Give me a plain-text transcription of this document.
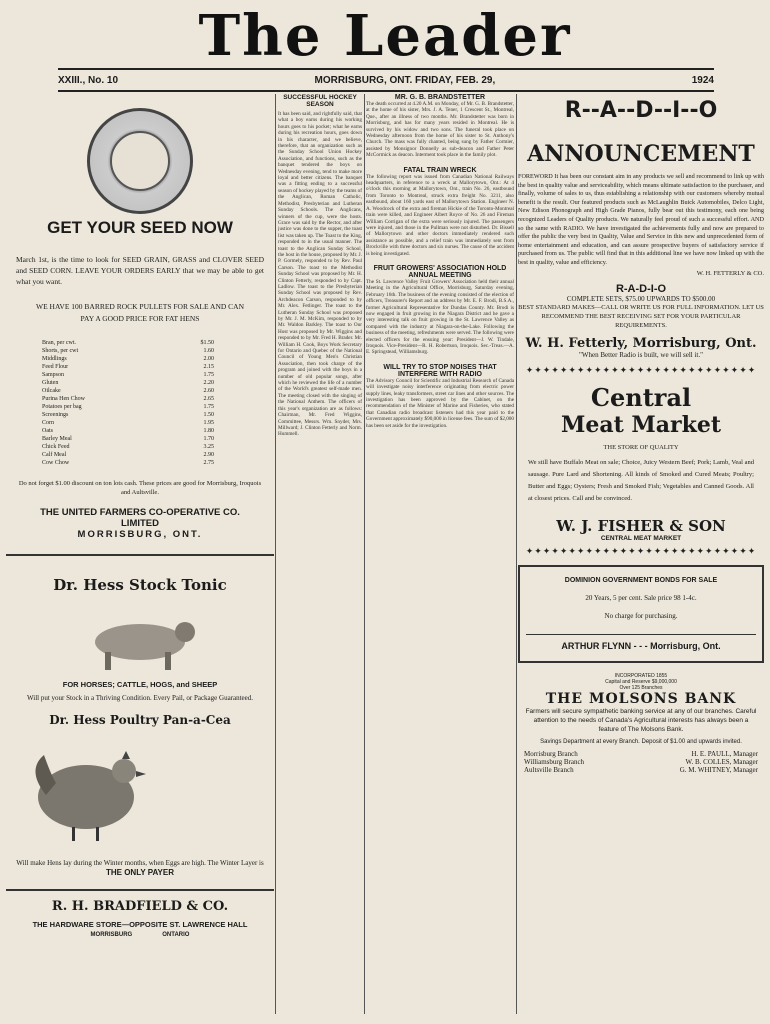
The Leader
XXIII., No. 10	MORRISBURG, ONT. FRIDAY, FEB. 29,	1924
GET YOUR SEED NOW
March 1st, is the time to look for SEED GRAIN, GRASS and CLOVER SEED and SEED CORN. LEAVE YOUR ORDERS EARLY that we may be able to get what you want.
WE HAVE 100 BARRED ROCK PULLETS FOR SALE AND CAN PAY A GOOD PRICE FOR FAT HENS
Bran, per cwt.	$1.50
Shorts, per cwt	1.60
Middlings	2.00
Feed Flour	2.15
Sampson	1.75
Gluten	2.20
Oilcake	2.60
Purina Hen Chow	2.65
Potatoes per bag	1.75
Screenings	1.50
Corn	1.95
Oats	1.80
Barley Meal	1.70
Chick Feed	3.25
Calf Meal	2.90
Cow Chow	2.75
Do not forget $1.00 discount on ton lots cash. These prices are good for Morrisburg, Iroquois and Aultsville.
THE UNITED FARMERS CO-OPERATIVE CO.
LIMITED
MORRISBURG, ONT.
Dr. Hess Stock Tonic
FOR HORSES; CATTLE, HOGS, and SHEEP
Will put your Stock in a Thriving Condition. Every Pail, or Package Guaranteed.
Dr. Hess Poultry Pan-a-Cea
Will make Hens lay during the Winter months, when Eggs are high. The Winter Layer is
THE ONLY PAYER
R. H. BRADFIELD & CO.
THE HARDWARE STORE—OPPOSITE ST. LAWRENCE HALL
MORRISBURG	ONTARIO
SUCCESSFUL HOCKEY SEASON
It has been said, and rightfully said, that what a boy earns during his working hours goes to his pocket; what he earns during his recreation hours, goes down in his character, and we believe, therefore, that an organization such as the Sunday School Union Hockey Association, and functions, such as the banquet tendered the boys on Wednesday evening, tend to make more loyal and better citizens. The banquet was a fitting ending to a successful season of hockey played by the teams of the Anglican, Roman Catholic, Methodist, Presbyterian and Lutheran Sunday Schools. The Anglicans, winners of the cup, were the hosts. Grace was said by the Rector, and after justice was done to the supper, the toast list was taken up. The Toast to the King, responded to in the usual manner. The toast to the Anglican Sunday School, the host in the house, proposed by Mr. J. P. Gormely, responded to by Rev. Paul Carson. The toast to the Methodist Sunday School was proposed by Mr. H. Clinton Fetterly, responded to by Capt. Ladlow. The toast to the Presbyterian Sunday School was proposed by Rev. Archdeacon Carson, responded to by Mr. Alex. Fetlinger. The toast to the Lutheran Sunday School was proposed by Mr. J. M. McKim, responded to by Mr. Waldon Barkley. The toast to Our Host was proposed by Mr. Wiggins and responded to by Mr. Fred H. Brader. Mr. William H. Cook, Boys Work Secretary for Ontario and Quebec of the National Council of Young Men's Christian Association, then took charge of the program and joined with the boys in a number of old popular songs, after which he reviewed the life of a number of the World's greatest self-made men. The meeting closed with the singing of the National Anthem. The officers of this year's organization are as follows: Chairman, Mr. Fred Wiggins, Committee, Messrs. Wm. Snyder, Mrs. Millward; J. Clinton Fetterly and Norm. Hummell.
MR. G. B. BRANDSTETTER
The death occurred at 4.20 A.M. on Monday, of Mr. G. B. Brandstetter, at the home of his sister, Mrs. J. A. Tener, 1 Crescent St., Montreal, Que., after an illness of two months. Mr. Brandstetter was born in Morrisburg, and has for many years resided in Montreal. He is survived by his widow and two sons. The funeral took place on Wednesday afternoon from the home of his sister to St. Anthony's Church. The mass was fully chanted, being sung by Father Cormier, assisted by Monsignor Donnelly as sub-deacon and Father Peter McCormick as deacon. Interment took place in the family plot.
FATAL TRAIN WRECK
The following report was issued from Canadian National Railways headquarters, in reference to a wreck at Mallorytown, Ont.: At 4 o'clock this morning at Mallorytown, Ont., train No. 26, eastbound from Toronto to Montreal, struck extra freight No. 3211, also eastbound, about 160 yards east of Mallorytown Station. Engineer N. A. Woodcock of the extra and fireman Hickie of the Toronto-Montreal train were killed, and Engineer Albert Royce of No. 26 and Fireman William Corrigan of the extra were seriously injured. The passengers were injured, and those in the Pullman were not disturbed. Dr. Bissell of Mallorytown and other doctors immediately rendered such assistance as possible, and a relief train was immediately sent from Brockville with three doctors and six nurses. The cause of the accident is being investigated.
FRUIT GROWERS' ASSOCIATION HOLD ANNUAL MEETING
The St. Lawrence Valley Fruit Growers' Association held their annual Meeting in the Agricultural Office, Morrisburg, Saturday evening, February 16th. The business of the evening consisted of the election of officers, Treasurer's Report and an address by Mr. E. F. Brodi, B.S.A., former Agricultural Representative for Dundas County. Mr. Brodi is now engaged in fruit growing in the Niagara District and he gave a very interesting talk on fruit growing in the St. Lawrence Valley as compared with the industry at Niagara-on-the-Lake. Following the business of the meeting, refreshments were served. The following were elected officers for the ensuing year: President—J. W. Tindale, Iroquois. Vice-President—R. H. Robertson, Iroquois. Sec.-Treas.—A. E. Springstead, Williamsburg.
WILL TRY TO STOP NOISES THAT INTERFERE WITH RADIO
The Advisory Council for Scientific and Industrial Research of Canada will investigate noisy interference originating from electric power supply lines, leaky transformers, street car lines and other sources. The investigation has been approved by the Cabinet, on the recommendation of the Minister of Marine and Fisheries, who stated that Canadian radio broadcast listeners had this year paid to the Government approximately $90,000 in license fees. The sum of $2,000 has been set aside for the investigation.
R--A--D--I--O
ANNOUNCEMENT
FOREWORD It has been our constant aim in any products we sell and recommend to link up with the best in quality value and serviceability, which means ultimate satisfaction to the purchaser, and finally, volume of sales to us, thus establishing a relationship with our customers whereby mutual benefit is the result. Our featured products such as McLaughlin Buick Automobiles, Delco Light, New Edison Phonograph and High Grade Pianos, fully bear out this testimony, each one being recognized Leaders of Quality products. We naturally feel proud of such a successful effort. AND so the same with RADIO. We have investigated the achievements fully and now are prepared to offer the public the very best in Quality, Value and Service in this new and unprecedented form of home entertainment and education, and can assure prospective buyers of satisfactory service if purchased from us. The public will find that in this additional line we have now linked up with the best in quality, value and efficiency.
W. H. FETTERLY & CO.
R-A-D-I-O
COMPLETE SETS, $75.00 UPWARDS TO $500.00
BEST STANDARD MAKES—CALL OR WRITE US FOR FULL INFORMATION. LET US RECOMMEND THE BEST RECEIVING SET FOR YOUR PARTICULAR REQUIREMENTS.
W. H. Fetterly, Morrisburg, Ont.
"When Better Radio is built, we will sell it."
✦✦✦✦✦✦✦✦✦✦✦✦✦✦✦✦✦✦✦✦✦✦✦✦✦✦✦
Central
Meat Market
THE STORE OF QUALITY
We still have Buffalo Meat on sale; Choice, Juicy Western Beef; Pork; Lamb, Veal and sausage. Pure Lard and Shortening. All kinds of Smoked and Cured Meats; Poultry; Butter and Eggs; Oysters; Fresh and Smoked Fish; Vegetables and Canned Goods. All at closest prices. Call and be convinced.
W. J. FISHER & SON
CENTRAL MEAT MARKET
✦✦✦✦✦✦✦✦✦✦✦✦✦✦✦✦✦✦✦✦✦✦✦✦✦✦✦
DOMINION GOVERNMENT BONDS FOR SALE
20 Years, 5 per cent. Sale price 98 1-4c.
No charge for purchasing.
ARTHUR FLYNN - - - Morrisburg, Ont.
INCORPORATED 1855
Capital and Reserve $9,000,000
Over 125 Branches
THE MOLSONS BANK
Farmers will secure sympathetic banking service at any of our branches. Careful attention to the needs of Canada's Agricultural interests has always been a feature of The Molsons Bank.
Savings Department at every Branch. Deposit of $1.00 and upwards invited.
Morrisburg Branch	H. E. PAULL, Manager
Williamsburg Branch	W. B. COLLES, Manager
Aultsville Branch	G. M. WHITNEY, Manager
